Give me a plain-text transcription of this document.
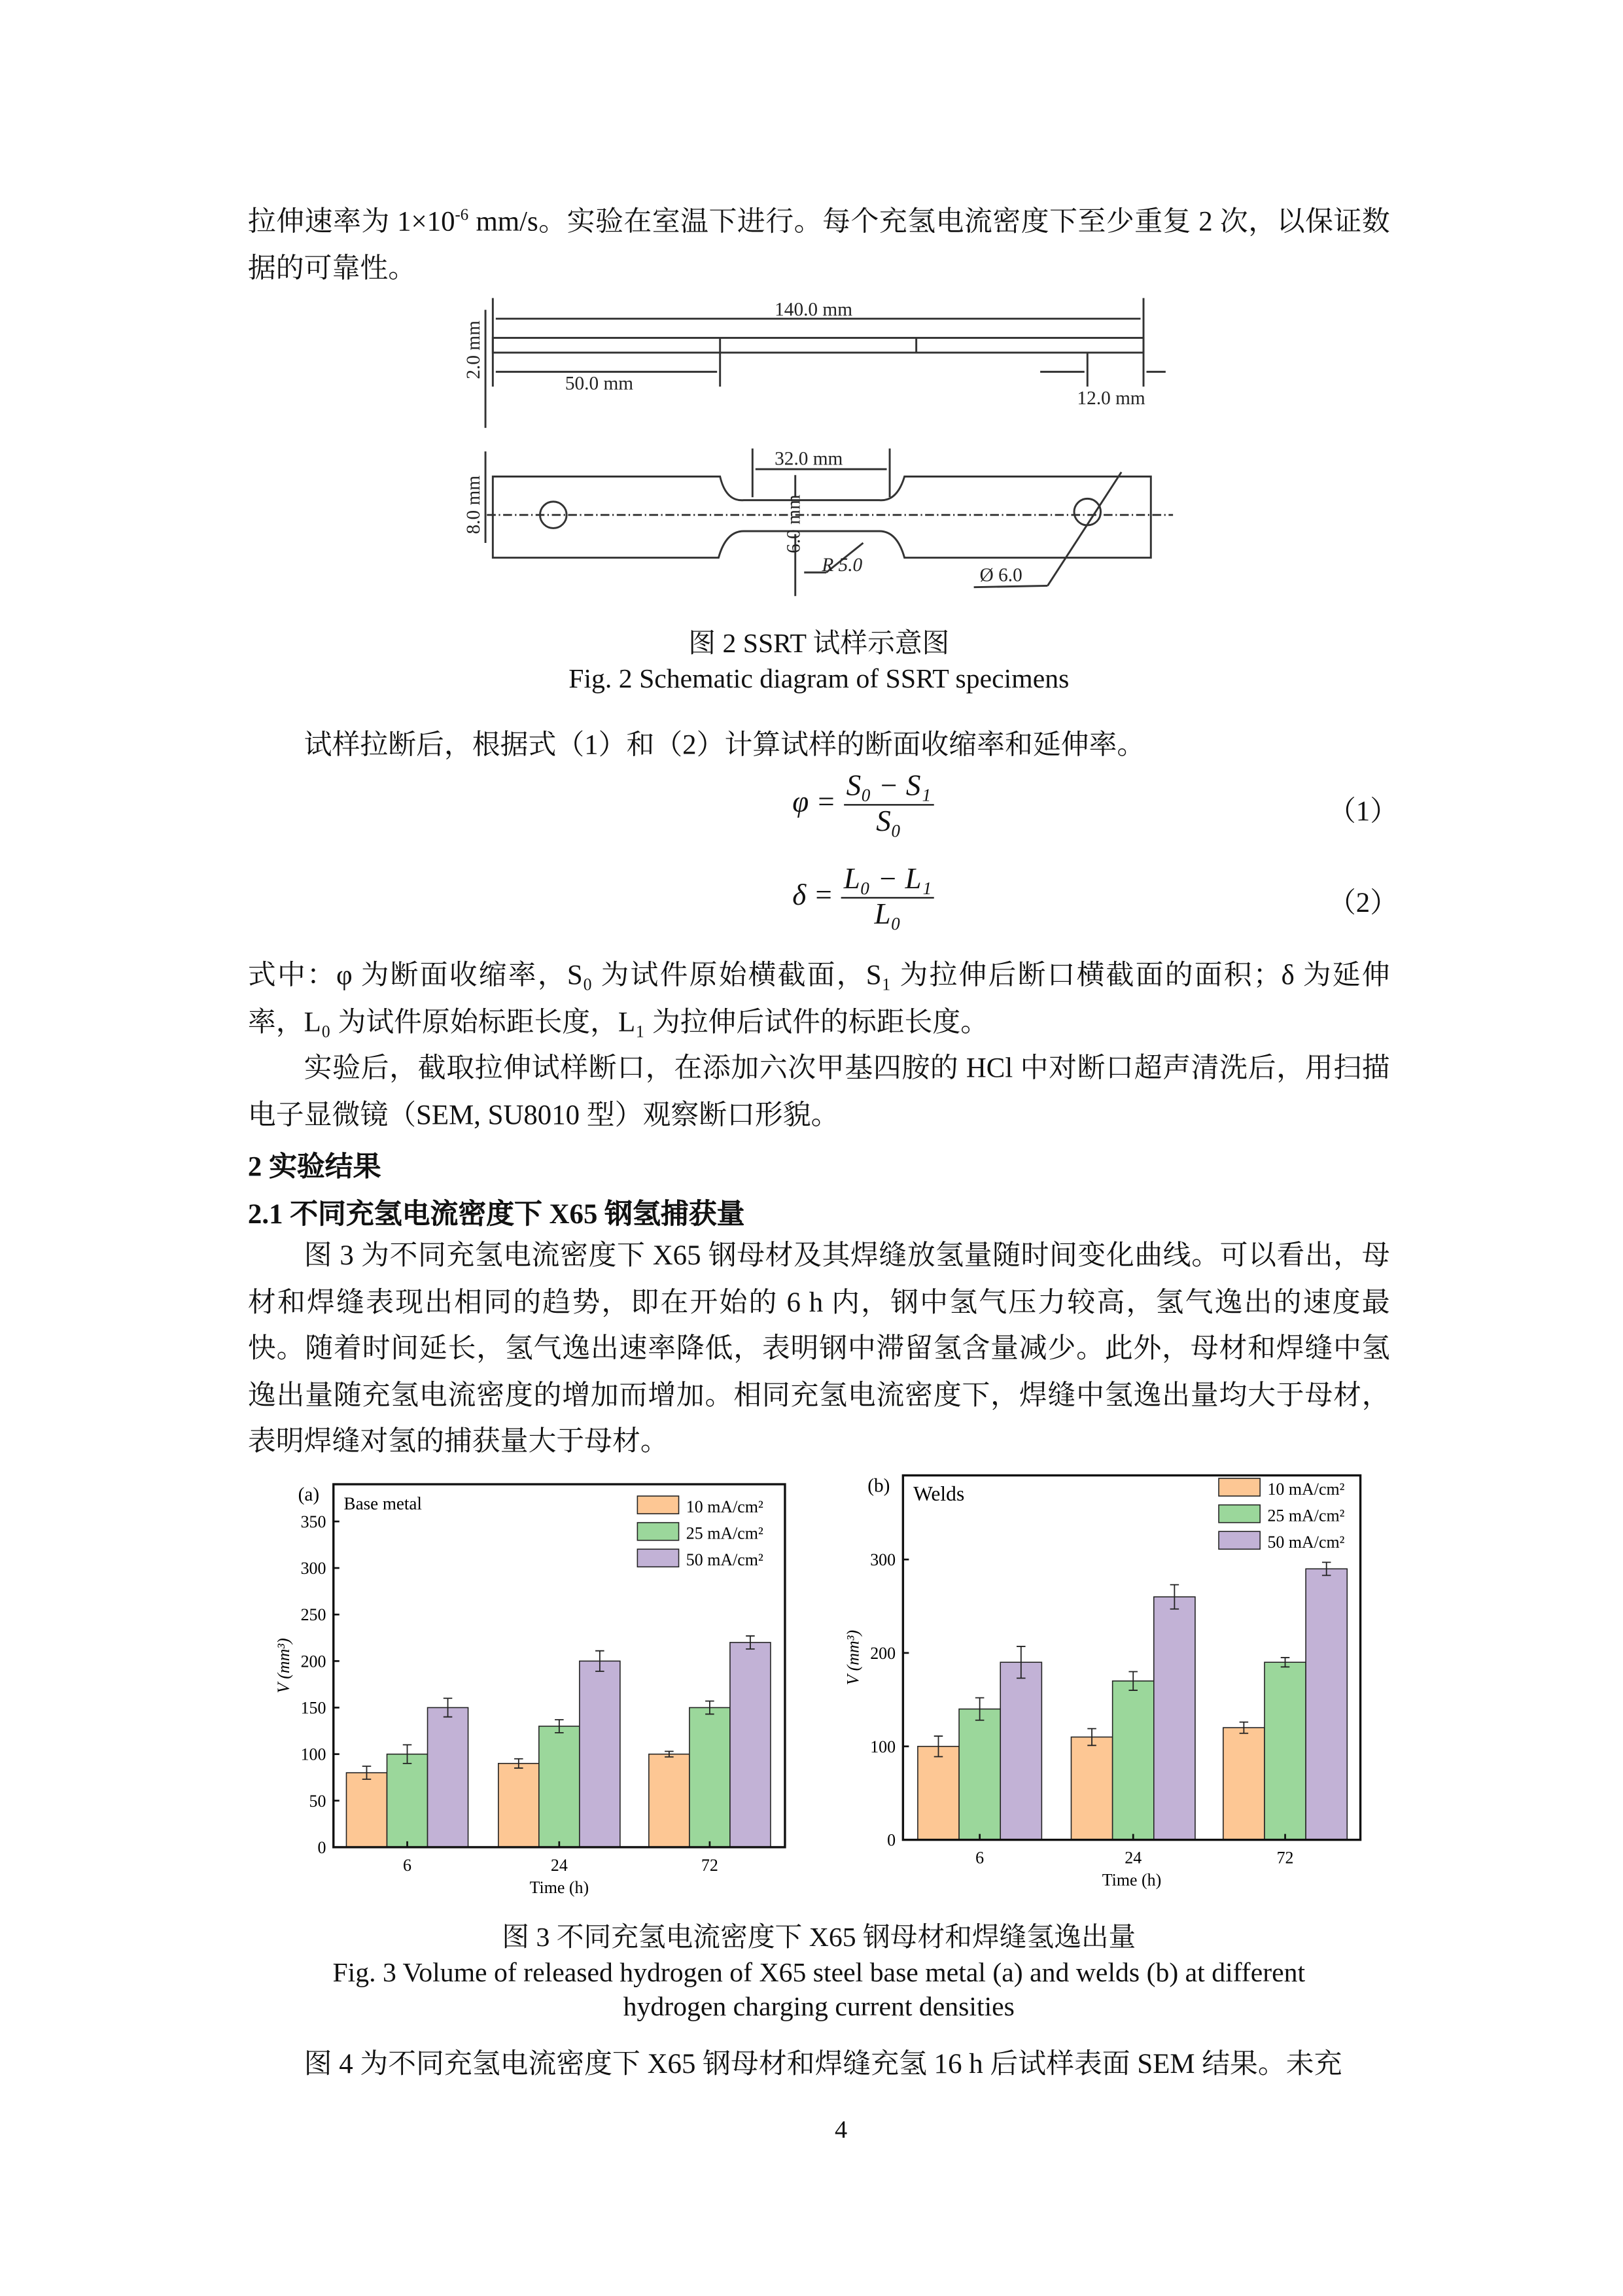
拉伸速率为 $1\times 10^{-6}$ mm/s。实验在室温下进行。每个充氢电流密度下至少重复 2 次，以保证数据的可靠性。
140.0 mm
50.0 mm
12.0 mm
32.0 mm
2.0 mm
8.0 mm	6.0 mm
R 5.0	Ø 6.0
图 2 SSRT 试样示意图
Fig. 2 Schematic diagram of SSRT specimens
试样拉断后，根据式（1）和（2）计算试样的断面收缩率和延伸率。
$\varphi = \frac{\text{S₀ − S₁}}{\text{S₀}}$	（1）
$\delta = \frac{\text{L₀ − L₁}}{\text{L₀}}$	（2）
式中：φ 为断面收缩率，S₀ 为试件原始横截面，S₁ 为拉伸后断口横截面的面积；δ 为延伸率，L₀ 为试件原始标距长度，L₁ 为拉伸后试件的标距长度。
实验后，截取拉伸试样断口，在添加六次甲基四胺的 HCl 中对断口超声清洗后，用扫描电子显微镜（SEM, SU8010 型）观察断口形貌。
2 实验结果
2.1 不同充氢电流密度下 X65 钢氢捕获量
图 3 为不同充氢电流密度下 X65 钢母材及其焊缝放氢量随时间变化曲线。可以看出，母材和焊缝表现出相同的趋势，即在开始的 6 h 内，钢中氢气压力较高，氢气逸出的速度最快。随着时间延长，氢气逸出速率降低，表明钢中滞留氢含量减少。此外，母材和焊缝中氢逸出量随充氢电流密度的增加而增加。相同充氢电流密度下，焊缝中氢逸出量均大于母材，表明焊缝对氢的捕获量大于母材。
0
50
100
150
200
250
300
350
6	24	72
Time (h)
V (mm³)
(a)	Base metal	10 mA/cm²
25 mA/cm²
50 mA/cm²
0
100
200
300
6	24	72
Time (h)
V (mm³)
(b)	Welds	10 mA/cm²
25 mA/cm²
50 mA/cm²
图 3 不同充氢电流密度下 X65 钢母材和焊缝氢逸出量
Fig. 3 Volume of released hydrogen of X65 steel base metal (a) and welds (b) at different
hydrogen charging current densities
图 4 为不同充氢电流密度下 X65 钢母材和焊缝充氢 16 h 后试样表面 SEM 结果。未充
4
